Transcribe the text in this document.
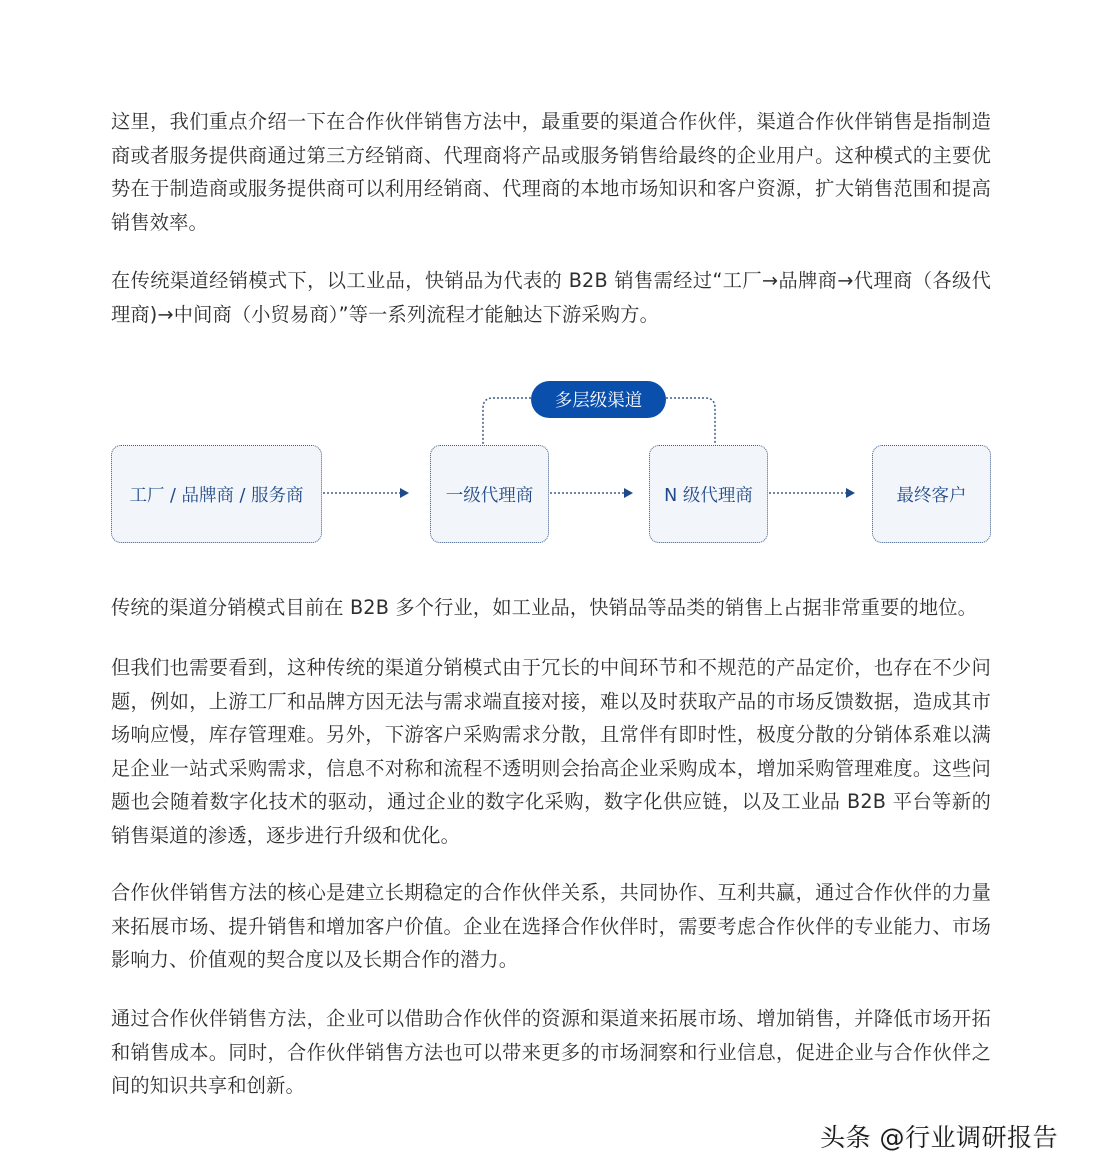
这里，我们重点介绍一下在合作伙伴销售方法中，最重要的渠道合作伙伴，渠道合作伙伴销售是指制造商或者服务提供商通过第三方经销商、代理商将产品或服务销售给最终的企业用户。这种模式的主要优势在于制造商或服务提供商可以利用经销商、代理商的本地市场知识和客户资源，扩大销售范围和提高销售效率。

在传统渠道经销模式下，以工业品，快销品为代表的 B2B 销售需经过“工厂→品牌商→代理商（各级代理商)→中间商（小贸易商）”等一系列流程才能触达下游采购方。

多层级渠道
工厂 / 品牌商 / 服务商	一级代理商	N 级代理商	最终客户

传统的渠道分销模式目前在 B2B 多个行业，如工业品，快销品等品类的销售上占据非常重要的地位。

但我们也需要看到，这种传统的渠道分销模式由于冗长的中间环节和不规范的产品定价，也存在不少问题，例如，上游工厂和品牌方因无法与需求端直接对接，难以及时获取产品的市场反馈数据，造成其市场响应慢，库存管理难。另外，下游客户采购需求分散，且常伴有即时性，极度分散的分销体系难以满足企业一站式采购需求，信息不对称和流程不透明则会抬高企业采购成本，增加采购管理难度。这些问题也会随着数字化技术的驱动，通过企业的数字化采购，数字化供应链，以及工业品 B2B 平台等新的销售渠道的渗透，逐步进行升级和优化。

合作伙伴销售方法的核心是建立长期稳定的合作伙伴关系，共同协作、互利共赢，通过合作伙伴的力量来拓展市场、提升销售和增加客户价值。企业在选择合作伙伴时，需要考虑合作伙伴的专业能力、市场影响力、价值观的契合度以及长期合作的潜力。

通过合作伙伴销售方法，企业可以借助合作伙伴的资源和渠道来拓展市场、增加销售，并降低市场开拓和销售成本。同时，合作伙伴销售方法也可以带来更多的市场洞察和行业信息，促进企业与合作伙伴之间的知识共享和创新。

头条 @行业调研报告
